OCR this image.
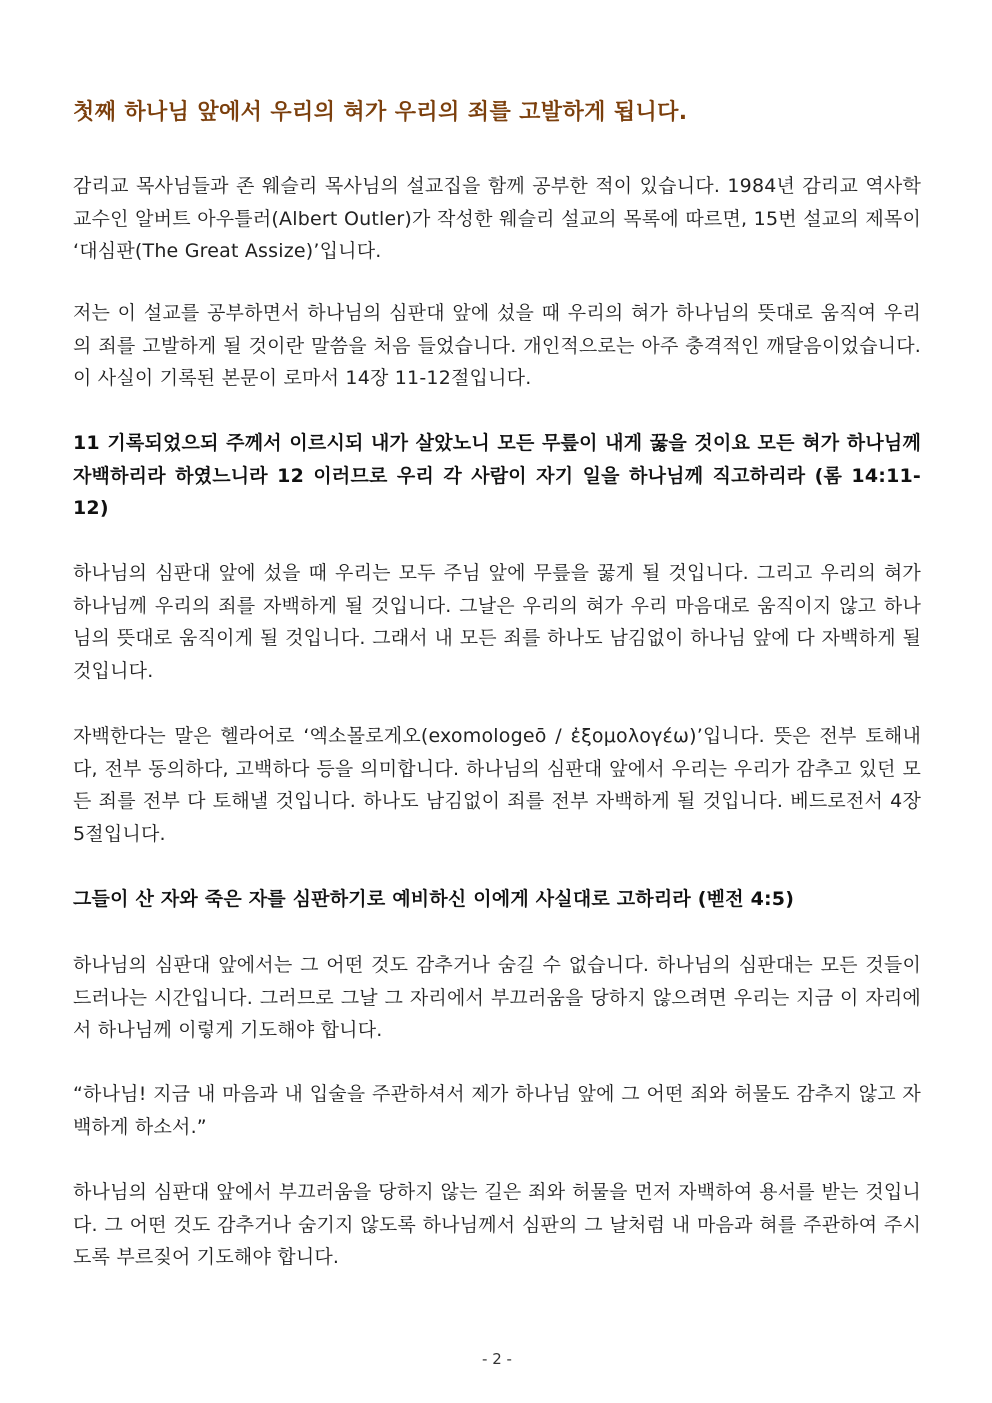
첫째 하나님 앞에서 우리의 혀가 우리의 죄를 고발하게 됩니다.

감리교 목사님들과 존 웨슬리 목사님의 설교집을 함께 공부한 적이 있습니다. 1984년 감리교 역사학 교수인 알버트 아우틀러(Albert Outler)가 작성한 웨슬리 설교의 목록에 따르면, 15번 설교의 제목이 ‘대심판(The Great Assize)’입니다.

저는 이 설교를 공부하면서 하나님의 심판대 앞에 섰을 때 우리의 혀가 하나님의 뜻대로 움직여 우리의 죄를 고발하게 될 것이란 말씀을 처음 들었습니다. 개인적으로는 아주 충격적인 깨달음이었습니다. 이 사실이 기록된 본문이 로마서 14장 11-12절입니다.

11 기록되었으되 주께서 이르시되 내가 살았노니 모든 무릎이 내게 꿇을 것이요 모든 혀가 하나님께 자백하리라 하였느니라 12 이러므로 우리 각 사람이 자기 일을 하나님께 직고하리라 (롬 14:11-12)

하나님의 심판대 앞에 섰을 때 우리는 모두 주님 앞에 무릎을 꿇게 될 것입니다. 그리고 우리의 혀가 하나님께 우리의 죄를 자백하게 될 것입니다. 그날은 우리의 혀가 우리 마음대로 움직이지 않고 하나님의 뜻대로 움직이게 될 것입니다. 그래서 내 모든 죄를 하나도 남김없이 하나님 앞에 다 자백하게 될 것입니다.

자백한다는 말은 헬라어로 ‘엑소몰로게오(exomologeō / ἐξομολογέω)’입니다. 뜻은 전부 토해내다, 전부 동의하다, 고백하다 등을 의미합니다. 하나님의 심판대 앞에서 우리는 우리가 감추고 있던 모든 죄를 전부 다 토해낼 것입니다. 하나도 남김없이 죄를 전부 자백하게 될 것입니다. 베드로전서 4장 5절입니다.

그들이 산 자와 죽은 자를 심판하기로 예비하신 이에게 사실대로 고하리라 (벧전 4:5)

하나님의 심판대 앞에서는 그 어떤 것도 감추거나 숨길 수 없습니다. 하나님의 심판대는 모든 것들이 드러나는 시간입니다. 그러므로 그날 그 자리에서 부끄러움을 당하지 않으려면 우리는 지금 이 자리에서 하나님께 이렇게 기도해야 합니다.

“하나님! 지금 내 마음과 내 입술을 주관하셔서 제가 하나님 앞에 그 어떤 죄와 허물도 감추지 않고 자백하게 하소서.”

하나님의 심판대 앞에서 부끄러움을 당하지 않는 길은 죄와 허물을 먼저 자백하여 용서를 받는 것입니다. 그 어떤 것도 감추거나 숨기지 않도록 하나님께서 심판의 그 날처럼 내 마음과 혀를 주관하여 주시도록 부르짖어 기도해야 합니다.

- 2 -
